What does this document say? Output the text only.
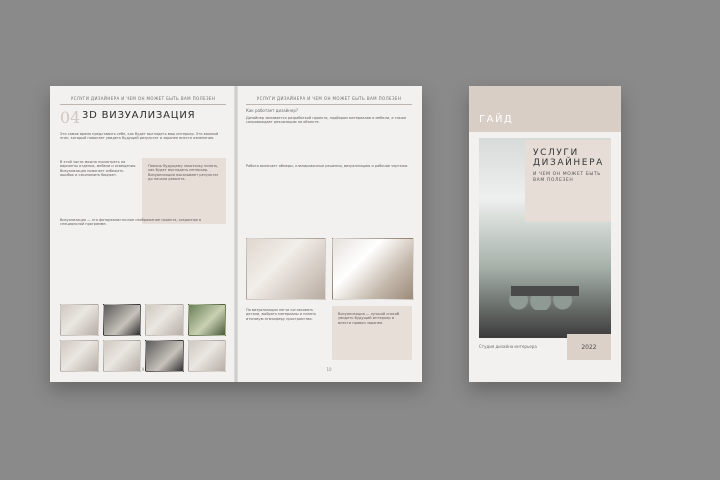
УСЛУГИ ДИЗАЙНЕРА И ЧЕМ ОН МОЖЕТ БЫТЬ ВАМ ПОЛЕЗЕН
04 3D ВИЗУАЛИЗАЦИЯ
Это самое время представить себе, как будет выглядеть ваш интерьер. Это важный этап, который помогает увидеть будущий результат и заранее внести изменения.
В этой части можно посмотреть на варианты отделки, мебели и освещения. Визуализация помогает избежать ошибок и сэкономить бюджет.
Помочь будущему заказчику понять, как будет выглядеть интерьер. Визуализация показывает результат до начала ремонта.
Визуализация — это фотореалистичное изображение проекта, созданное в специальной программе.
9
УСЛУГИ ДИЗАЙНЕРА И ЧЕМ ОН МОЖЕТ БЫТЬ ВАМ ПОЛЕЗЕН
Как работает дизайнер?
Дизайнер занимается разработкой проекта, подбором материалов и мебели, а также сопровождает реализацию на объекте.
Работа включает обмеры, планировочные решения, визуализацию и рабочие чертежи.
По визуализации легче согласовать детали, выбрать материалы и понять итоговую атмосферу пространства.
Визуализация — лучший способ увидеть будущий интерьер и внести правки заранее.
10
ГАЙД
УСЛУГИ ДИЗАЙНЕРА
И ЧЕМ ОН МОЖЕТ БЫТЬ ВАМ ПОЛЕЗЕН
Студия дизайна интерьера	2022
